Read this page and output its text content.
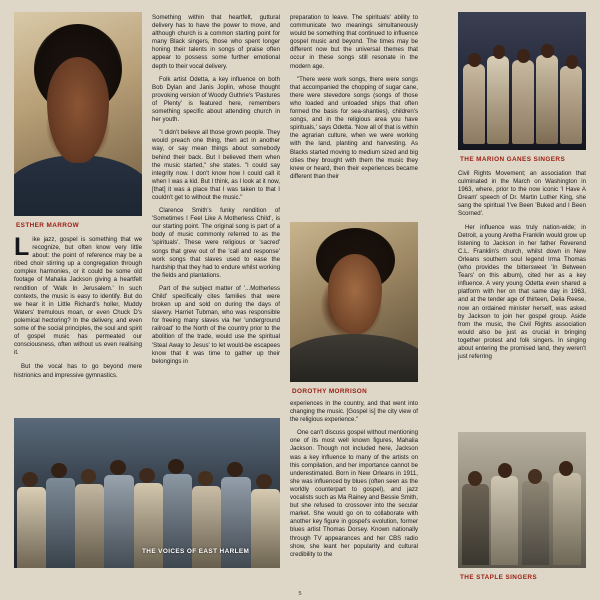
ESTHER MARROW

Like jazz, gospel is something that we recognize, but often know very little about: the point of reference may be a ribed choir stirring up a congregation through complex harmonies, or it could be some old footage of Mahalia Jackson giving a heartfelt rendition of 'Walk In Jerusalem.' In such contexts, the music is easy to identify. But do we hear it in Little Richard's holler, Muddy Waters' tremulous moan, or even Chuck D's polemical hectoring? In the delivery, and even some of the social principles, the soul and spirit of gospel music has permeated our consciousness, often without us even realising it.

But the vocal has to go beyond mere histrionics and impressive gymnastics.

Something within that heartfelt, guttural delivery has to have the power to move, and although church is a common starting point for many Black singers, those who spent longer honing their talents in songs of praise often appear to possess some further emotional depth to their vocal delivery.

Folk artist Odetta, a key influence on both Bob Dylan and Janis Joplin, whose thought provoking version of Woody Guthrie's 'Pastures of Plenty' is featured here, remembers something specific about attending church in her youth.

"I didn't believe all those grown people. They would preach one thing, then act in another way, or say mean things about somebody behind their back. But I believed them when the music started," she states. "I could say integrity now. I don't know how I could call it when I was a kid. But I think, as I look at it now, [that] it was a place that I was taken to that I couldn't get to without the music."

Clarence Smith's funky rendition of 'Sometimes I Feel Like A Motherless Child', is our starting point. The original song is part of a body of music commonly referred to as the 'spirituals'. These were religious or 'sacred' songs that grew out of the 'call and response' work songs that slaves used to ease the hardship that they had to endure whilst working the fields and plantations.

Part of the subject matter of '...Motherless Child' specifically cites families that were broken up and sold on during the days of slavery. Harriet Tubman, who was responsible for freeing many slaves via her 'underground railroad' to the North of the country prior to the abolition of the trade, would use the spiritual 'Steal Away to Jesus' to let would-be escapees know that it was time to gather up their belongings in

preparation to leave. The spirituals' ability to communicate two meanings simultaneously would be something that continued to influence gospel music and beyond. The times may be different now but the universal themes that occur in these songs still resonate in the modern age.

"There were work songs, there were songs that accompanied the chopping of sugar cane, there were stevedore songs (songs of those who loaded and unloaded ships that often formed the basis for sea-shanties), children's songs, and in the religious area you have spirituals,' says Odetta. 'Now all of that is within the agrarian culture, when we were working with the land, planting and harvesting. As Blacks started moving to medium sized and big cities they brought with them the music they knew or heard, then their experiences became different than their

DOROTHY MORRISON

experiences in the country, and that went into changing the music. [Gospel is] the city view of the religious experience."

One can't discuss gospel without mentioning one of its most well known figures, Mahalia Jackson. Though not included here, Jackson was a key influence to many of the artists on this compilation, and her importance cannot be underestimated. Born in New Orleans in 1911, she was influenced by blues (often seen as the worldly counterpart to gospel), and jazz vocalists such as Ma Rainey and Bessie Smith, but she refused to crossover into the secular market. She would go on to collaborate with another key figure in gospel's evolution, former blues artist Thomas Dorsey. Known nationally through TV appearances and her CBS radio show, she leant her popularity and cultural credibility to the

THE MARION GANES SINGERS

Civil Rights Movement; an association that culminated in the March on Washington in 1963, where, prior to the now iconic 'I Have A Dream' speech of Dr. Martin Luther King, she sang the spiritual 'I've Been 'Buked and I Been Scorned'.

Her influence was truly nation-wide; in Detroit, a young Aretha Franklin would grow up listening to Jackson in her father Reverend C.L. Franklin's church, whilst down in New Orleans southern soul legend Irma Thomas (who provides the bittersweet 'In Between Tears' on this album), cited her as a key influence. A very young Odetta even shared a platform with her on that same day in 1963, and at the tender age of thirteen, Delia Reese, now an ordained minister herself, was asked by Jackson to join her gospel group. Aside from the music, the Civil Rights association would also be just as crucial in bringing together protest and folk singers. In singing about entering the promised land, they weren't just referring

THE STAPLE SINGERS
THE VOICES OF EAST HARLEM
5
